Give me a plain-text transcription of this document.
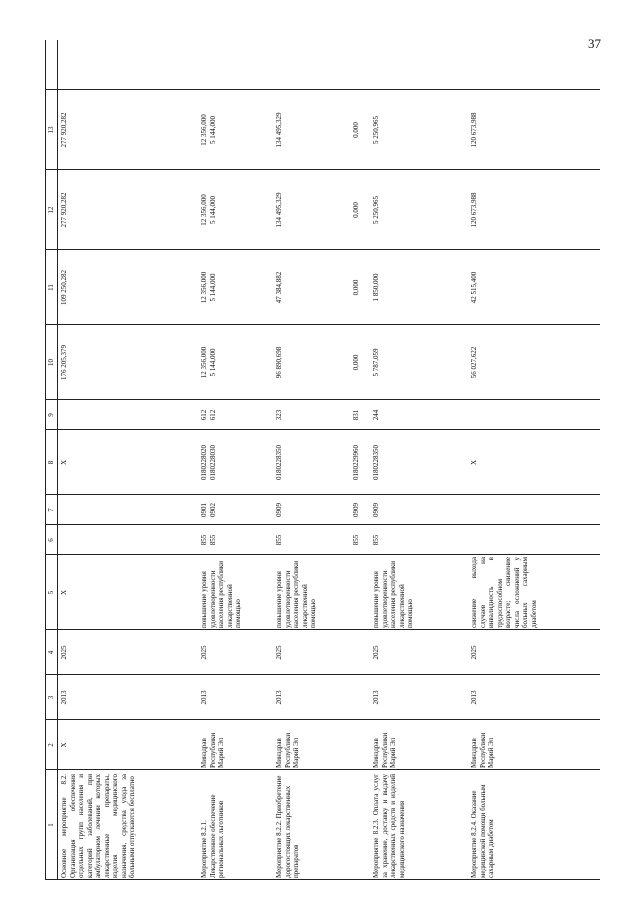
37
1
2
3
4
5
6
7
8
9
10
11
12
13
Основное мероприятие 8.2. Организация обеспечения отдельных групп населения и категорий заболеваний, при амбулаторном лечении которых лекарственные препараты, изделия медицинского назначения, средства ухода за больными отпускаются бесплатно
Х
2013
2025
Х
Х
176 205,379
109 250,282
277 920,282
277 920,282
Мероприятие 8.2.1. Лекарственное обеспечение региональных льготников
Минздрав Республики Марий Эл
2013
2025
повышение уровня удовлетворенности населения республики лекарственной помощью
855
855
0901
0902
0180228020
0180228030
612
612
12 356,000
5 144,000
12 356,000
5 144,000
12 356,000
5 144,000
12 356,000
5 144,000
Мероприятие 8.2.2. Приобретение дорогостоящих лекарственных препаратов
Минздрав Республики Марий Эл
2013
2025
повышение уровня удовлетворенности населения республики лекарственной помощью
855

855
0909

0909
0180228350

0180229960
323

831
96 890,698

0,000
47 384,882

0,000
134 495,329

0,000
134 495,329

0,000
Мероприятие 8.2.3. Оплата услуг за хранение, доставку и выдачу лекарственных средств и изделий медицинского назначения
Минздрав Республики Марий Эл
2013
2025
повышение уровня удовлетворенности населения республики лекарственной помощью
855
0909
0180228350
244
5 787,059
1 850,000
5 250,965
5 250,965
Мероприятие 8.2.4. Оказание медицинской помощи больным сахарным диабетом
Минздрав Республики Марий Эл
2013
2025
снижение выхода случаев на инвалидность в трудоспособном возрасте; снижение числа осложнений у больных сахарным диабетом
Х
56 027,622
42 515,400
120 673,988
120 673,988
